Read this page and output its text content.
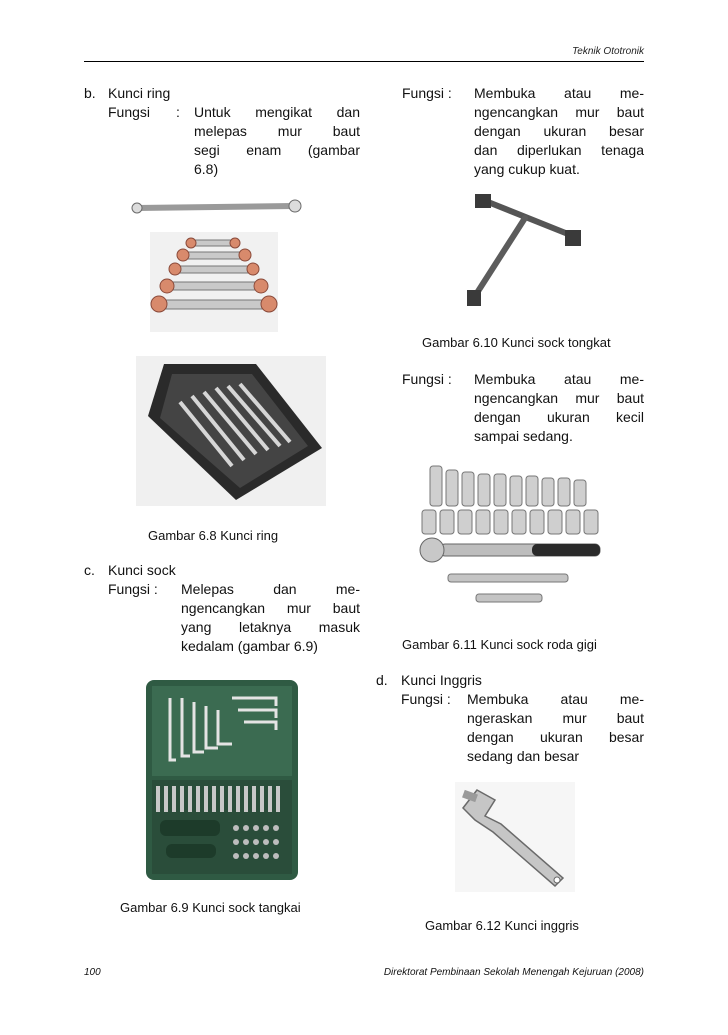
Teknik Ototronik
100	Direktorat Pembinaan Sekolah Menengah Kejuruan (2008)
b. Kunci ring
Fungsi : Untuk mengikat dan
melepas mur baut
segi enam (gambar
6.8)
Gambar 6.8 Kunci ring
c. Kunci sock
Fungsi : Melepas dan me-
ngencangkan mur baut
yang letaknya masuk
kedalam (gambar 6.9)
Gambar 6.9 Kunci sock tangkai
Fungsi : Membuka atau me-
ngencangkan mur baut
dengan ukuran besar
dan diperlukan tenaga
yang cukup kuat.
Gambar 6.10 Kunci sock tongkat
Fungsi : Membuka atau me-
ngencangkan mur baut
dengan ukuran kecil
sampai sedang.
Gambar 6.11 Kunci sock roda gigi
d. Kunci Inggris
Fungsi : Membuka atau me-
ngeraskan mur baut
dengan ukuran besar
sedang dan besar
Gambar 6.12 Kunci inggris
